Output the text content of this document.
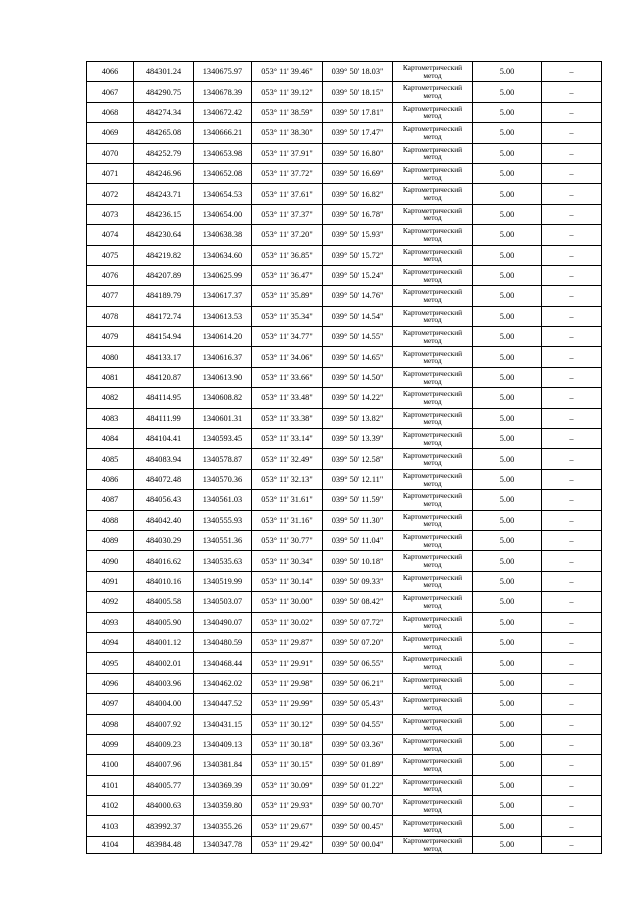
4066	484301.24	1340675.97	053° 11' 39.46"	039° 50' 18.03"	Картометрический метод	5.00	–
4067	484290.75	1340678.39	053° 11' 39.12"	039° 50' 18.15"	Картометрический метод	5.00	–
4068	484274.34	1340672.42	053° 11' 38.59"	039° 50' 17.81"	Картометрический метод	5.00	–
4069	484265.08	1340666.21	053° 11' 38.30"	039° 50' 17.47"	Картометрический метод	5.00	–
4070	484252.79	1340653.98	053° 11' 37.91"	039° 50' 16.80"	Картометрический метод	5.00	–
4071	484246.96	1340652.08	053° 11' 37.72"	039° 50' 16.69"	Картометрический метод	5.00	–
4072	484243.71	1340654.53	053° 11' 37.61"	039° 50' 16.82"	Картометрический метод	5.00	–
4073	484236.15	1340654.00	053° 11' 37.37"	039° 50' 16.78"	Картометрический метод	5.00	–
4074	484230.64	1340638.38	053° 11' 37.20"	039° 50' 15.93"	Картометрический метод	5.00	–
4075	484219.82	1340634.60	053° 11' 36.85"	039° 50' 15.72"	Картометрический метод	5.00	–
4076	484207.89	1340625.99	053° 11' 36.47"	039° 50' 15.24"	Картометрический метод	5.00	–
4077	484189.79	1340617.37	053° 11' 35.89"	039° 50' 14.76"	Картометрический метод	5.00	–
4078	484172.74	1340613.53	053° 11' 35.34"	039° 50' 14.54"	Картометрический метод	5.00	–
4079	484154.94	1340614.20	053° 11' 34.77"	039° 50' 14.55"	Картометрический метод	5.00	–
4080	484133.17	1340616.37	053° 11' 34.06"	039° 50' 14.65"	Картометрический метод	5.00	–
4081	484120.87	1340613.90	053° 11' 33.66"	039° 50' 14.50"	Картометрический метод	5.00	–
4082	484114.95	1340608.82	053° 11' 33.48"	039° 50' 14.22"	Картометрический метод	5.00	–
4083	484111.99	1340601.31	053° 11' 33.38"	039° 50' 13.82"	Картометрический метод	5.00	–
4084	484104.41	1340593.45	053° 11' 33.14"	039° 50' 13.39"	Картометрический метод	5.00	–
4085	484083.94	1340578.87	053° 11' 32.49"	039° 50' 12.58"	Картометрический метод	5.00	–
4086	484072.48	1340570.36	053° 11' 32.13"	039° 50' 12.11"	Картометрический метод	5.00	–
4087	484056.43	1340561.03	053° 11' 31.61"	039° 50' 11.59"	Картометрический метод	5.00	–
4088	484042.40	1340555.93	053° 11' 31.16"	039° 50' 11.30"	Картометрический метод	5.00	–
4089	484030.29	1340551.36	053° 11' 30.77"	039° 50' 11.04"	Картометрический метод	5.00	–
4090	484016.62	1340535.63	053° 11' 30.34"	039° 50' 10.18"	Картометрический метод	5.00	–
4091	484010.16	1340519.99	053° 11' 30.14"	039° 50' 09.33"	Картометрический метод	5.00	–
4092	484005.58	1340503.07	053° 11' 30.00"	039° 50' 08.42"	Картометрический метод	5.00	–
4093	484005.90	1340490.07	053° 11' 30.02"	039° 50' 07.72"	Картометрический метод	5.00	–
4094	484001.12	1340480.59	053° 11' 29.87"	039° 50' 07.20"	Картометрический метод	5.00	–
4095	484002.01	1340468.44	053° 11' 29.91"	039° 50' 06.55"	Картометрический метод	5.00	–
4096	484003.96	1340462.02	053° 11' 29.98"	039° 50' 06.21"	Картометрический метод	5.00	–
4097	484004.00	1340447.52	053° 11' 29.99"	039° 50' 05.43"	Картометрический метод	5.00	–
4098	484007.92	1340431.15	053° 11' 30.12"	039° 50' 04.55"	Картометрический метод	5.00	–
4099	484009.23	1340409.13	053° 11' 30.18"	039° 50' 03.36"	Картометрический метод	5.00	–
4100	484007.96	1340381.84	053° 11' 30.15"	039° 50' 01.89"	Картометрический метод	5.00	–
4101	484005.77	1340369.39	053° 11' 30.09"	039° 50' 01.22"	Картометрический метод	5.00	–
4102	484000.63	1340359.80	053° 11' 29.93"	039° 50' 00.70"	Картометрический метод	5.00	–
4103	483992.37	1340355.26	053° 11' 29.67"	039° 50' 00.45"	Картометрический метод	5.00	–
4104	483984.48	1340347.78	053° 11' 29.42"	039° 50' 00.04"	Картометрический метод	5.00	–
